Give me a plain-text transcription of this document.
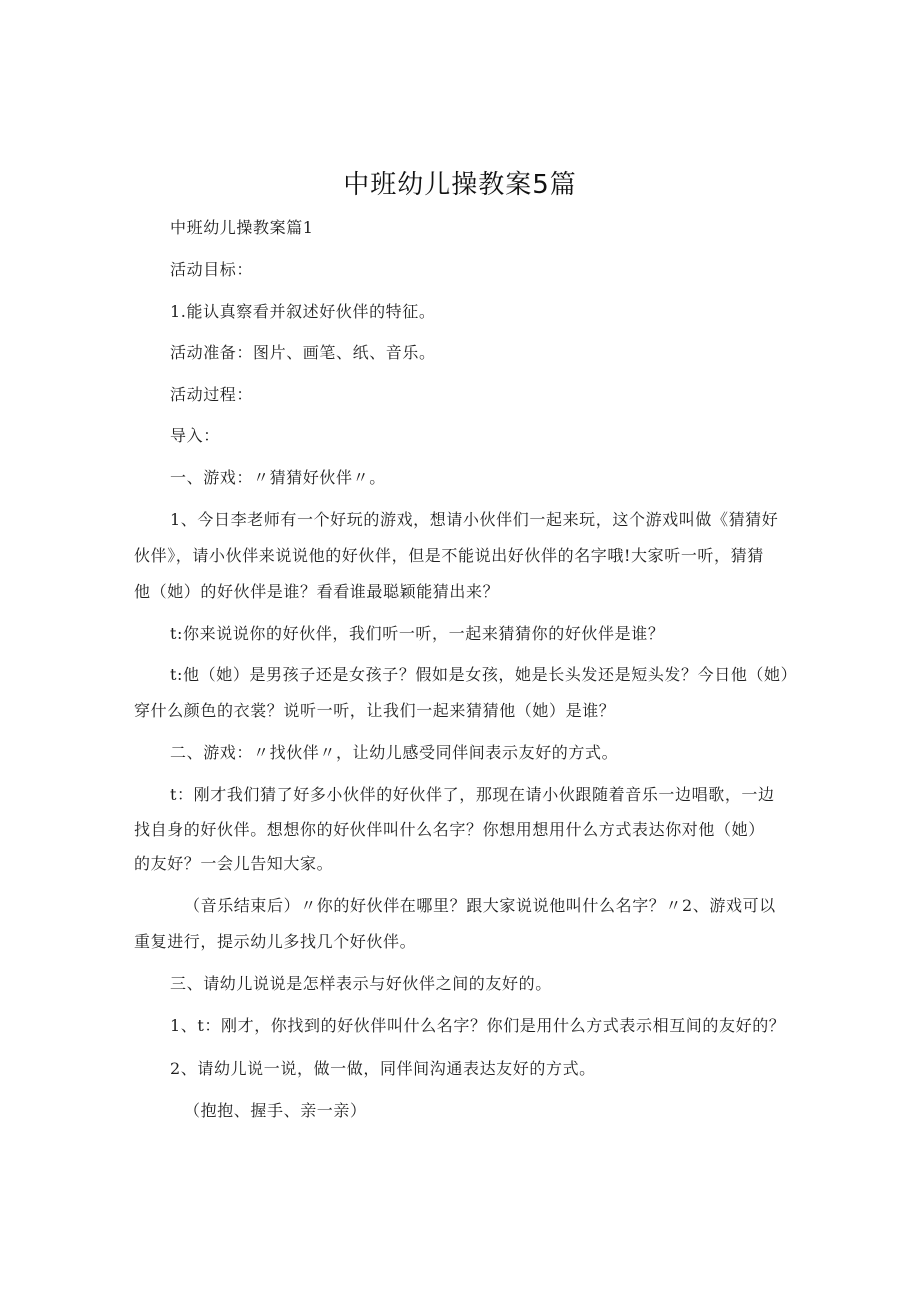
中班幼儿操教案5篇
中班幼儿操教案篇1
活动目标：
1.能认真察看并叙述好伙伴的特征。
活动准备：图片、画笔、纸、音乐。
活动过程：
导入：
一、游戏：〃猜猜好伙伴〃。
1、今日李老师有一个好玩的游戏，想请小伙伴们一起来玩，这个游戏叫做《猜猜好
伙伴》，请小伙伴来说说他的好伙伴，但是不能说出好伙伴的名字哦!大家听一听，猜猜
他（她）的好伙伴是谁？看看谁最聪颖能猜出来？
t:你来说说你的好伙伴，我们听一听，一起来猜猜你的好伙伴是谁？
t:他（她）是男孩子还是女孩子？假如是女孩，她是长头发还是短头发？今日他（她）
穿什么颜色的衣裳？说听一听，让我们一起来猜猜他（她）是谁？
二、游戏：〃找伙伴〃，让幼儿感受同伴间表示友好的方式。
t：刚才我们猜了好多小伙伴的好伙伴了，那现在请小伙跟随着音乐一边唱歌，一边
找自身的好伙伴。想想你的好伙伴叫什么名字？你想用想用什么方式表达你对他（她）
的友好？一会儿告知大家。
（音乐结束后）〃你的好伙伴在哪里？跟大家说说他叫什么名字？〃2、游戏可以
重复进行，提示幼儿多找几个好伙伴。
三、请幼儿说说是怎样表示与好伙伴之间的友好的。
1、t：刚才，你找到的好伙伴叫什么名字？你们是用什么方式表示相互间的友好的？
2、请幼儿说一说，做一做，同伴间沟通表达友好的方式。
（抱抱、握手、亲一亲）
